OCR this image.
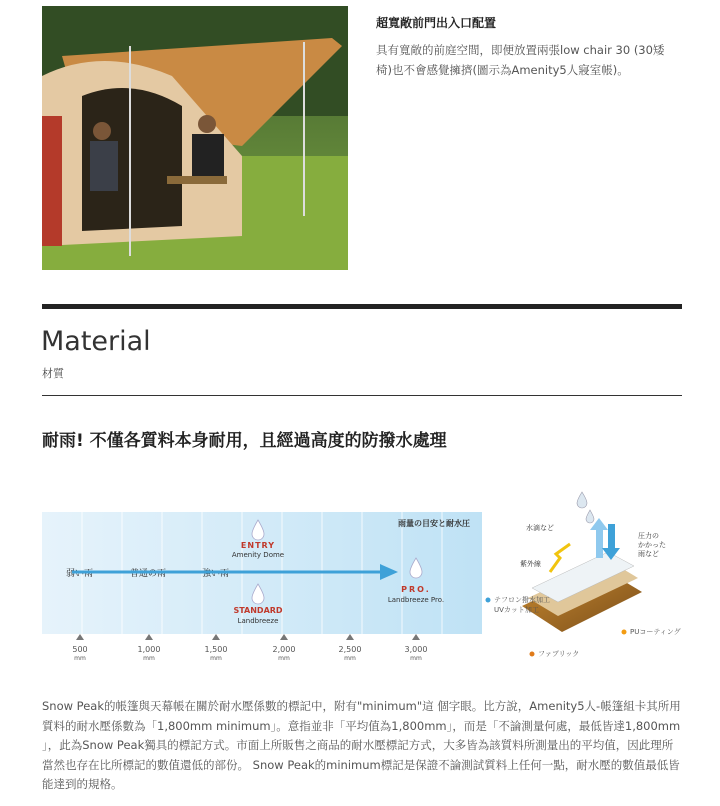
超寬敞前門出入口配置
具有寬敞的前庭空間，即便放置兩張low chair 30 (30矮椅)也不會感覺擁擠(圖示為Amenity5人寢室帳)。
Material
材質
耐雨! 不僅各質料本身耐用，且經過高度的防撥水處理
雨量の目安と耐水圧
弱い雨	普通の雨	強い雨
ENTRY
Amenity Dome
STANDARD
Landbreeze
PRO.
Landbreeze Pro.
500
mm
1,000
mm
1,500
mm
2,000
mm
2,500
mm
3,000
mm
水滴など
紫外線
圧力のかかった雨など
テフロン撥水加工
UVカット加工
PUコーティング
ファブリック
Snow Peak的帳篷與天幕帳在關於耐水壓係數的標記中，附有"minimum"這 個字眼。比方說，Amenity5人-帳篷組卡其所用質料的耐水壓係數為「1,800mm minimum」。意指並非「平均值為1,800mm」，而是「不論測量何處，最低皆達1,800mm 」，此為Snow Peak獨具的標記方式。市面上所販售之商品的耐水壓標記方式，大多皆為該質料所測量出的平均值，因此理所當然也存在比所標記的數值還低的部份。 Snow Peak的minimum標記是保證不論測試質料上任何一點，耐水壓的數值最低皆能達到的規格。
